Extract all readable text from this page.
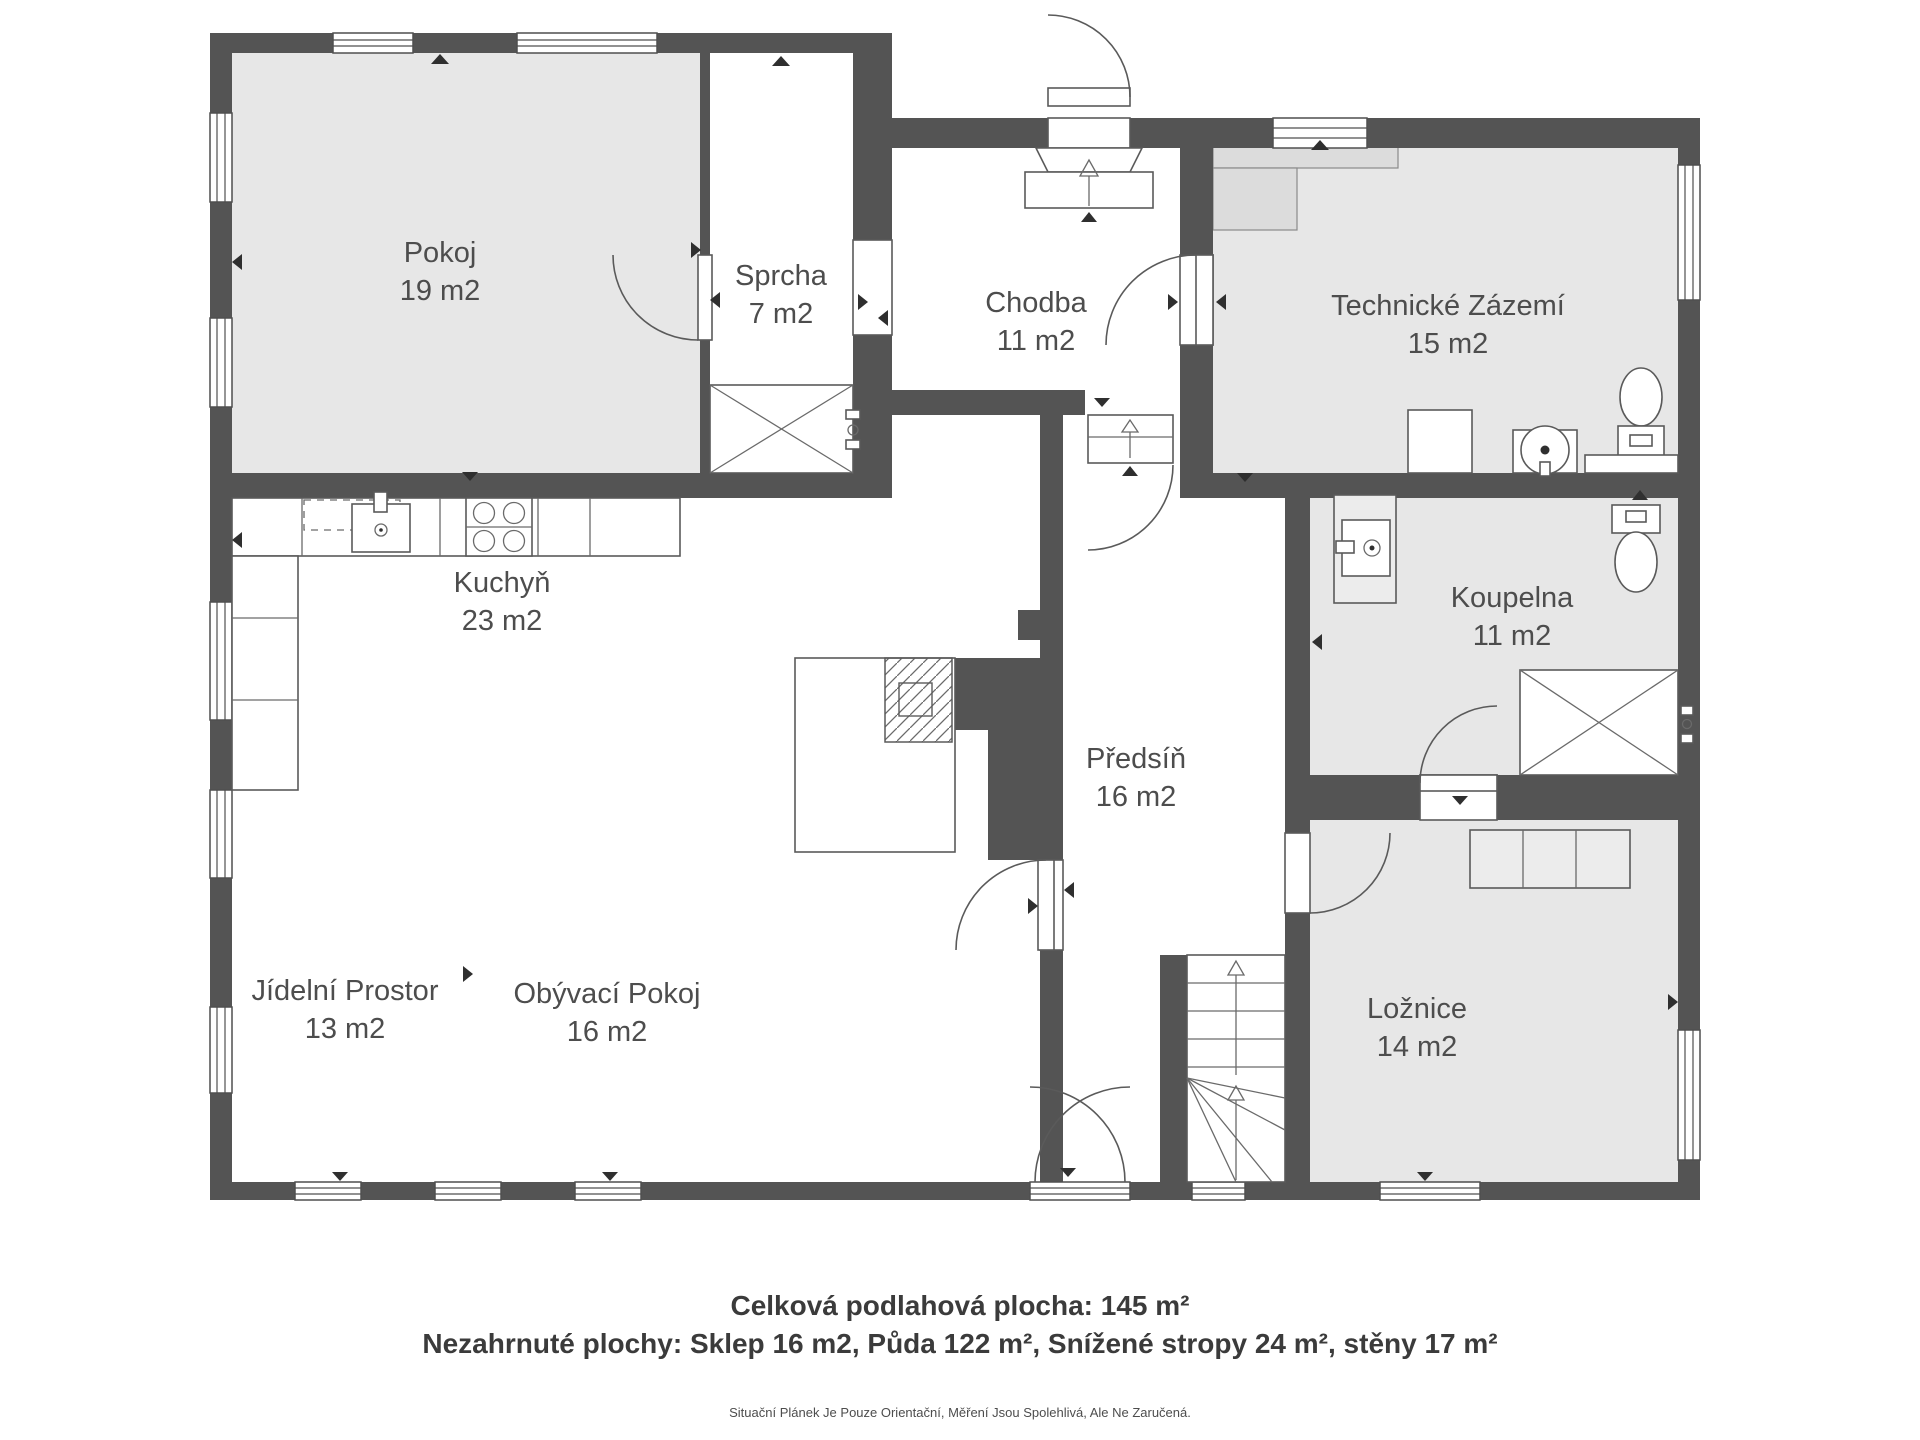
Pokoj
19 m2	Sprcha
7 m2	Chodba
11 m2
Technické Zázemí
15 m2
Kuchyň
23 m2
Koupelna
11 m2
Předsíň
16 m2
Jídelní Prostor
13 m2
Obývací Pokoj
16 m2
Ložnice
14 m2
Celková podlahová plocha: 145 m²
Nezahrnuté plochy: Sklep 16 m2, Půda 122 m², Snížené stropy 24 m², stěny 17 m²
Situační Plánek Je Pouze Orientační, Měření Jsou Spolehlivá, Ale Ne Zaručená.
